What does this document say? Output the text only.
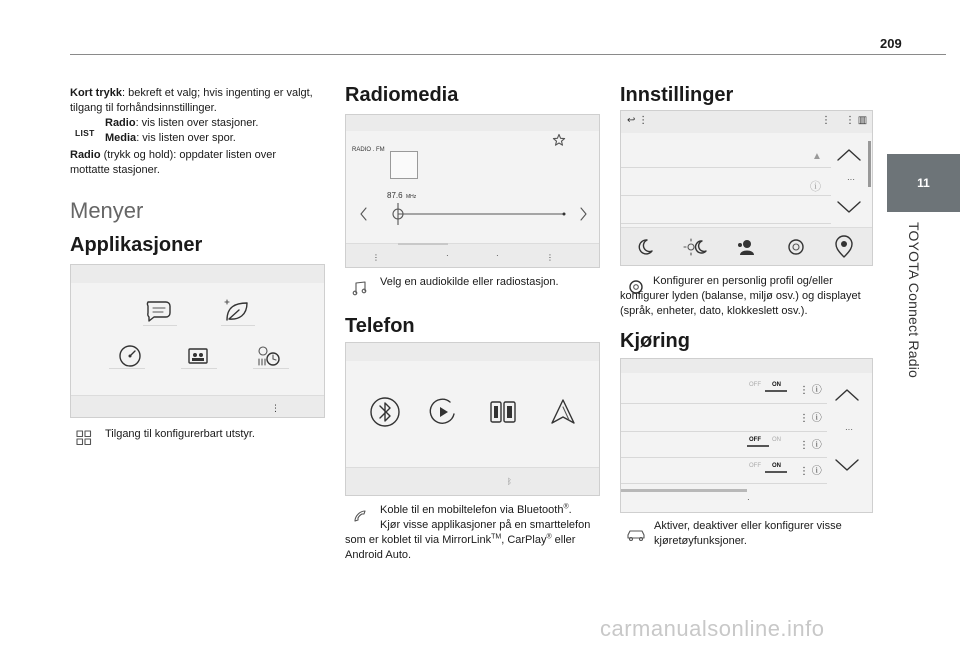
209
11
TOYOTA Connect Radio
Kort trykk: bekreft et valg; hvis ingenting er valgt, tilgang til forhåndsinnstillinger.
LIST
Radio: vis listen over stasjoner.
Media: vis listen over spor.
Radio (trykk og hold): oppdater listen over mottatte stasjoner.
Menyer
Applikasjoner
⋮
Tilgang til konfigurerbart utstyr.
Radiomedia
RADIO . FM
87.6 MHz
⋮	·	·	⋮
Velg en audiokilde eller radiostasjon.
Telefon
ᛒ
Koble til en mobiltelefon via Bluetooth®.
Kjør visse applikasjoner på en smarttelefon som er koblet til via MirrorLink™, CarPlay® eller Android Auto.
Innstillinger
↩ ⋮	⋮ ▥
⋮
▲
ⓘ
···
Konfigurer en personlig profil og/eller konfigurer lyden (balanse, miljø osv.) og displayet (språk, enheter, dato, klokkeslett osv.).
Kjøring
OFF ON ⋮ ⓘ
⋮ ⓘ
OFF ON ⋮ ⓘ
OFF ON ⋮ ⓘ
···
·
Aktiver, deaktiver eller konfigurer visse kjøretøyfunksjoner.
carmanualsonline.info
